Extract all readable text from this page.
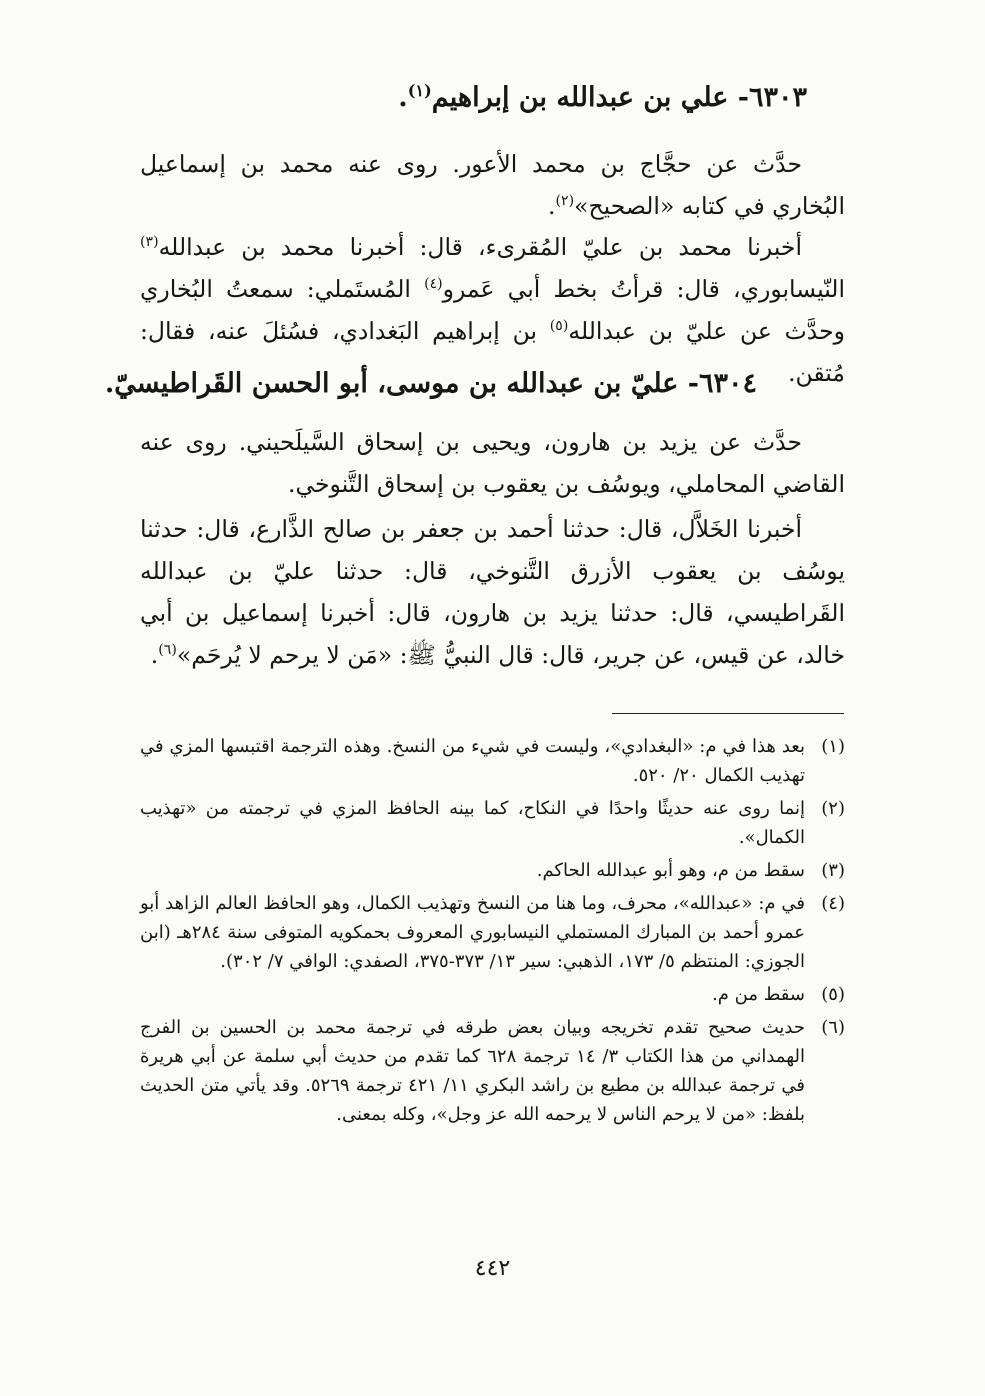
٦٣٠٣- علي بن عبدالله بن إبراهيم$^{(١)}$.

حدَّث عن حجَّاج بن محمد الأعور. روى عنه محمد بن إسماعيل البُخاري في كتابه «الصحيح»$^{(٢)}$.

أخبرنا محمد بن عليّ المُقرىء، قال: أخبرنا محمد بن عبدالله$^{(٣)}$ النّيسابوري، قال: قرأتُ بخط أبي عَمرو$^{(٤)}$ المُستَملي: سمعتُ البُخاري وحدَّث عن عليّ بن عبدالله$^{(٥)}$ بن إبراهيم البَغدادي، فسُئلَ عنه، فقال: مُتقن.

٦٣٠٤- عليّ بن عبدالله بن موسى، أبو الحسن القَراطيسيّ.

حدَّث عن يزيد بن هارون، ويحيى بن إسحاق السَّيلَحيني. روى عنه القاضي المحاملي، ويوسُف بن يعقوب بن إسحاق التَّنوخي.

أخبرنا الخَلاَّل، قال: حدثنا أحمد بن جعفر بن صالح الذَّارع، قال: حدثنا يوسُف بن يعقوب الأزرق التَّنوخي، قال: حدثنا عليّ بن عبدالله القَراطيسي، قال: حدثنا يزيد بن هارون، قال: أخبرنا إسماعيل بن أبي خالد، عن قيس، عن جرير، قال: قال النبيُّ ﷺ: «مَن لا يرحم لا يُرحَم»$^{(٦)}$.

(١)
بعد هذا في م: «البغدادي»، وليست في شيء من النسخ. وهذه الترجمة اقتبسها المزي في تهذيب الكمال ٢٠/ ٥٢٠.
(٢)
إنما روى عنه حديثًا واحدًا في النكاح، كما بينه الحافظ المزي في ترجمته من «تهذيب الكمال».
(٣)
سقط من م، وهو أبو عبدالله الحاكم.
(٤)
في م: «عبدالله»، محرف، وما هنا من النسخ وتهذيب الكمال، وهو الحافظ العالم الزاهد أبو عمرو أحمد بن المبارك المستملي النيسابوري المعروف بحمكويه المتوفى سنة ٢٨٤هـ (ابن الجوزي: المنتظم ٥/ ١٧٣، الذهبي: سير ١٣/ ٣٧٣-٣٧٥، الصفدي: الوافي ٧/ ٣٠٢).
(٥)
سقط من م.
(٦)
حديث صحيح تقدم تخريجه وبيان بعض طرقه في ترجمة محمد بن الحسين بن الفرج الهمداني من هذا الكتاب ٣/ ١٤ ترجمة ٦٢٨ كما تقدم من حديث أبي سلمة عن أبي هريرة في ترجمة عبدالله بن مطيع بن راشد البكري ١١/ ٤٢١ ترجمة ٥٢٦٩. وقد يأتي متن الحديث بلفظ: «من لا يرحم الناس لا يرحمه الله عز وجل»، وكله بمعنى.
٤٤٢
